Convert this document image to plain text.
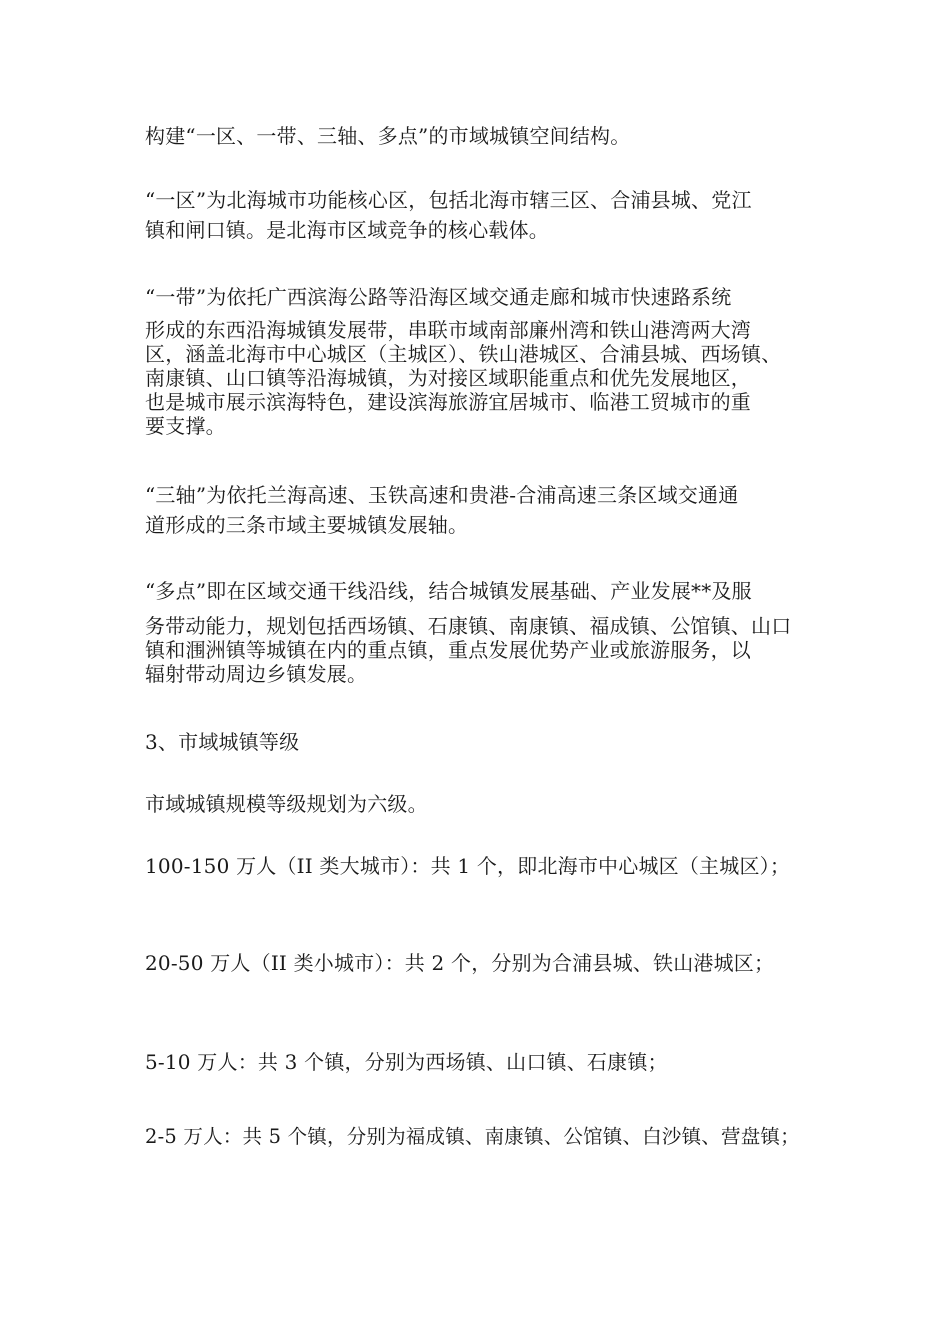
构建“一区、一带、三轴、多点”的市域城镇空间结构。

“一区”为北海城市功能核心区，包括北海市辖三区、合浦县城、党江
镇和闸口镇。是北海市区域竞争的核心载体。

“一带”为依托广西滨海公路等沿海区域交通走廊和城市快速路系统

形成的东西沿海城镇发展带，串联市域南部廉州湾和铁山港湾两大湾
区，涵盖北海市中心城区（主城区）、铁山港城区、合浦县城、西场镇、
南康镇、山口镇等沿海城镇，为对接区域职能重点和优先发展地区，
也是城市展示滨海特色，建设滨海旅游宜居城市、临港工贸城市的重
要支撑。

“三轴”为依托兰海高速、玉铁高速和贵港-合浦高速三条区域交通通
道形成的三条市域主要城镇发展轴。

“多点”即在区域交通干线沿线，结合城镇发展基础、产业发展**及服

务带动能力，规划包括西场镇、石康镇、南康镇、福成镇、公馆镇、山口
镇和涠洲镇等城镇在内的重点镇，重点发展优势产业或旅游服务，以
辐射带动周边乡镇发展。

3、市域城镇等级

市域城镇规模等级规划为六级。

100-150 万人（II 类大城市）：共 1 个，即北海市中心城区（主城区）；

20-50 万人（II 类小城市）：共 2 个，分别为合浦县城、铁山港城区；

5-10 万人：共 3 个镇，分别为西场镇、山口镇、石康镇；

2-5 万人：共 5 个镇，分别为福成镇、南康镇、公馆镇、白沙镇、营盘镇；
